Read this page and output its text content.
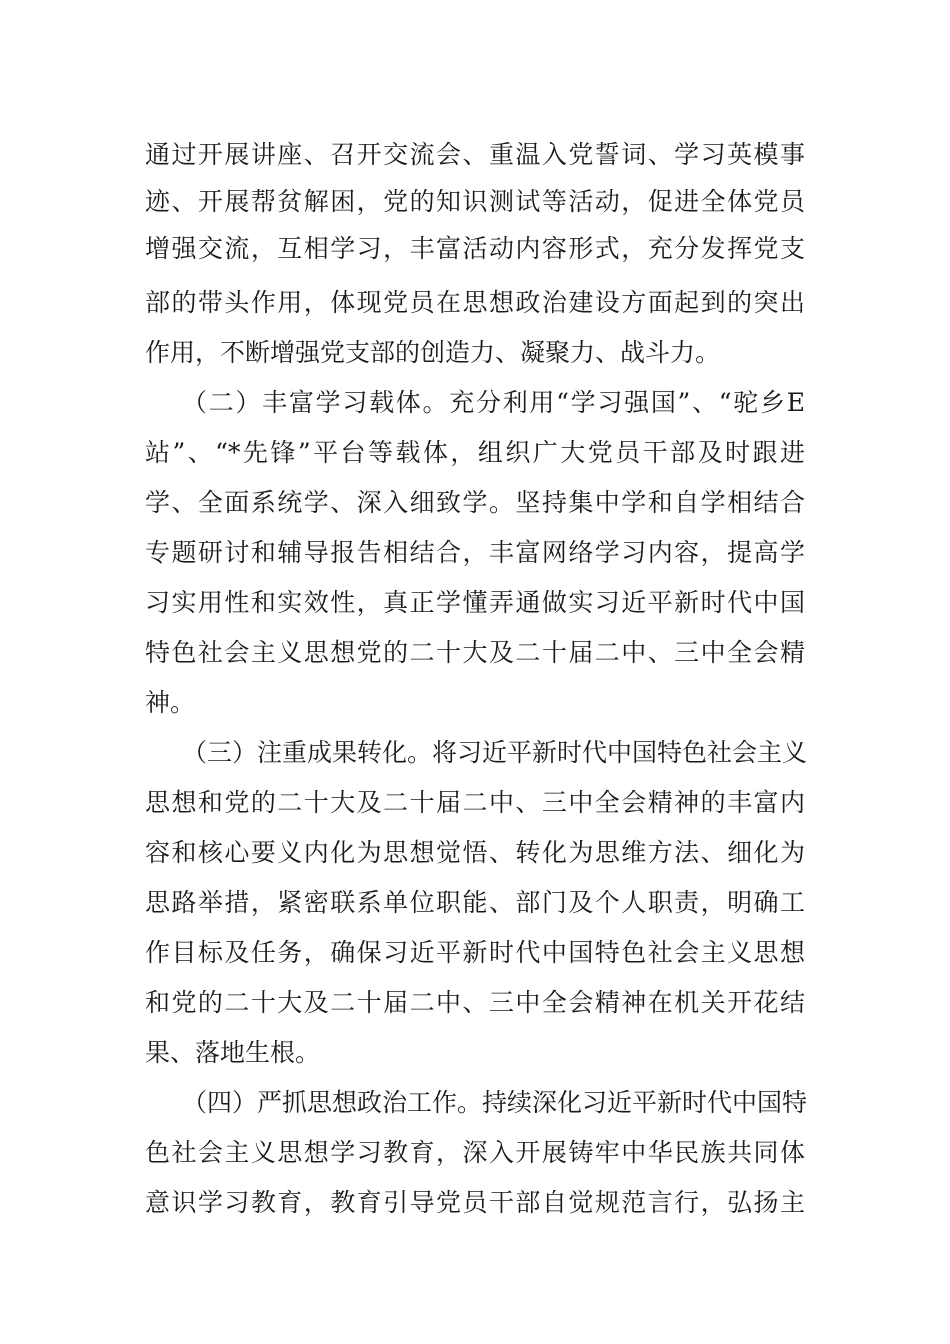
通过开展讲座、召开交流会、重温入党誓词、学习英模事
迹、开展帮贫解困，党的知识测试等活动，促进全体党员
增强交流，互相学习，丰富活动内容形式，充分发挥党支
部的带头作用，体现党员在思想政治建设方面起到的突出
作用，不断增强党支部的创造力、凝聚力、战斗力。
（二）丰富学习载体。充分利用“学习强国”、“驼乡E
站”、“*先锋”平台等载体，组织广大党员干部及时跟进
学、全面系统学、深入细致学。坚持集中学和自学相结合
专题研讨和辅导报告相结合，丰富网络学习内容，提高学
习实用性和实效性，真正学懂弄通做实习近平新时代中国
特色社会主义思想党的二十大及二十届二中、三中全会精
神。
（三）注重成果转化。将习近平新时代中国特色社会主义
思想和党的二十大及二十届二中、三中全会精神的丰富内
容和核心要义内化为思想觉悟、转化为思维方法、细化为
思路举措，紧密联系单位职能、部门及个人职责，明确工
作目标及任务，确保习近平新时代中国特色社会主义思想
和党的二十大及二十届二中、三中全会精神在机关开花结
果、落地生根。
（四）严抓思想政治工作。持续深化习近平新时代中国特
色社会主义思想学习教育，深入开展铸牢中华民族共同体
意识学习教育，教育引导党员干部自觉规范言行，弘扬主
